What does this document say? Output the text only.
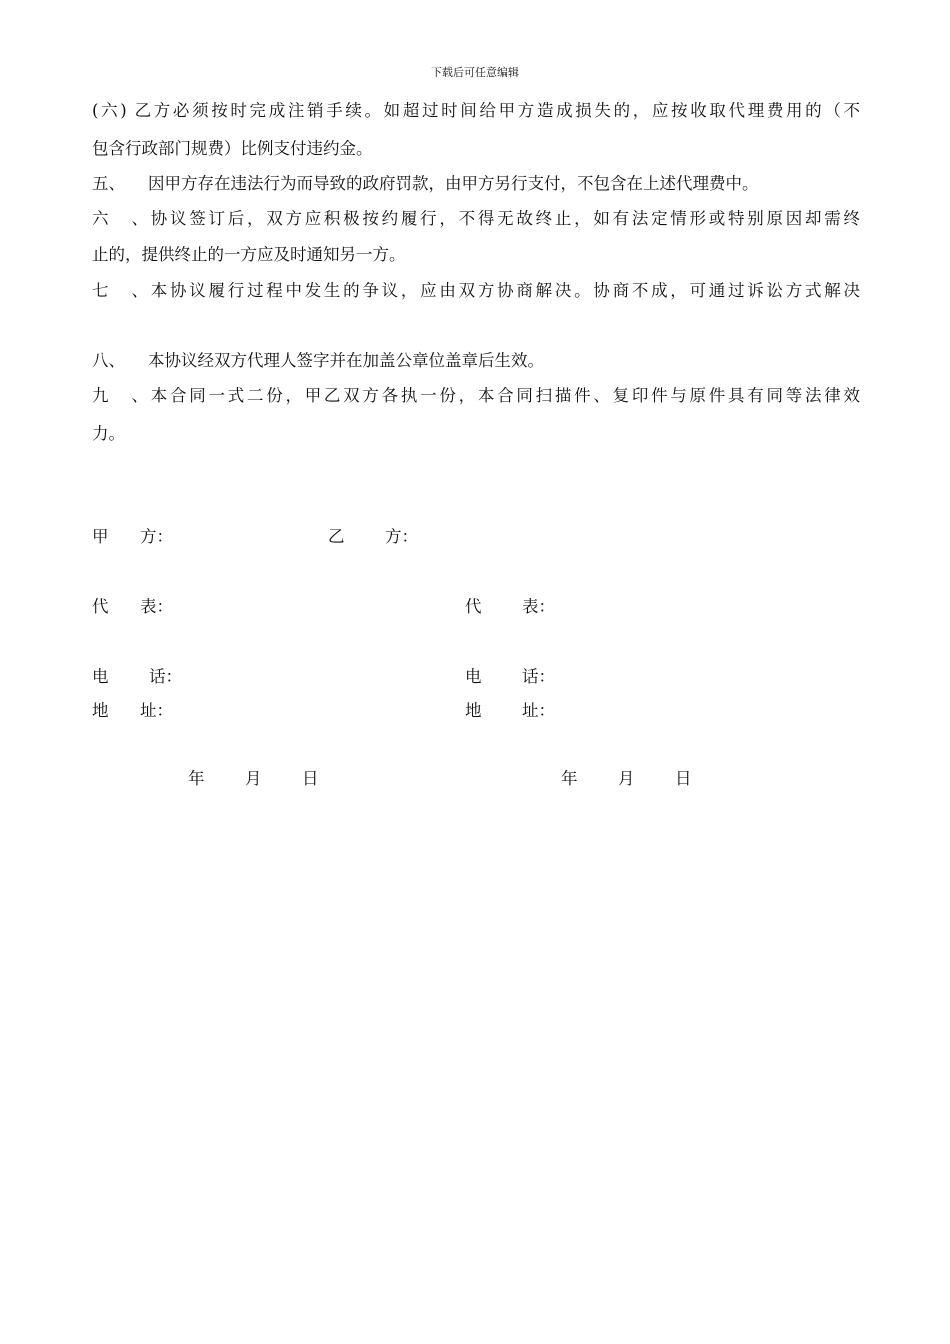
下载后可任意编辑
(六) 乙方必须按时完成注销手续。如超过时间给甲方造成损失的，应按收取代理费用的（不
包含行政部门规费）比例支付违约金。
五、 因甲方存在违法行为而导致的政府罚款，由甲方另行支付，不包含在上述代理费中。
六、协议签订后，双方应积极按约履行，不得无故终止，如有法定情形或特别原因却需终
止的，提供终止的一方应及时通知另一方。
七、本协议履行过程中发生的争议，应由双方协商解决。协商不成，可通过诉讼方式解决
八、 本协议经双方代理人签字并在加盖公章位盖章后生效。
九、本合同一式二份，甲乙双方各执一份，本合同扫描件、复印件与原件具有同等法律效
力。
甲 方：	乙 方：
代 表：	代 表：
电 话：	电 话：
地 址：	地 址：
年 月 日	年 月 日
